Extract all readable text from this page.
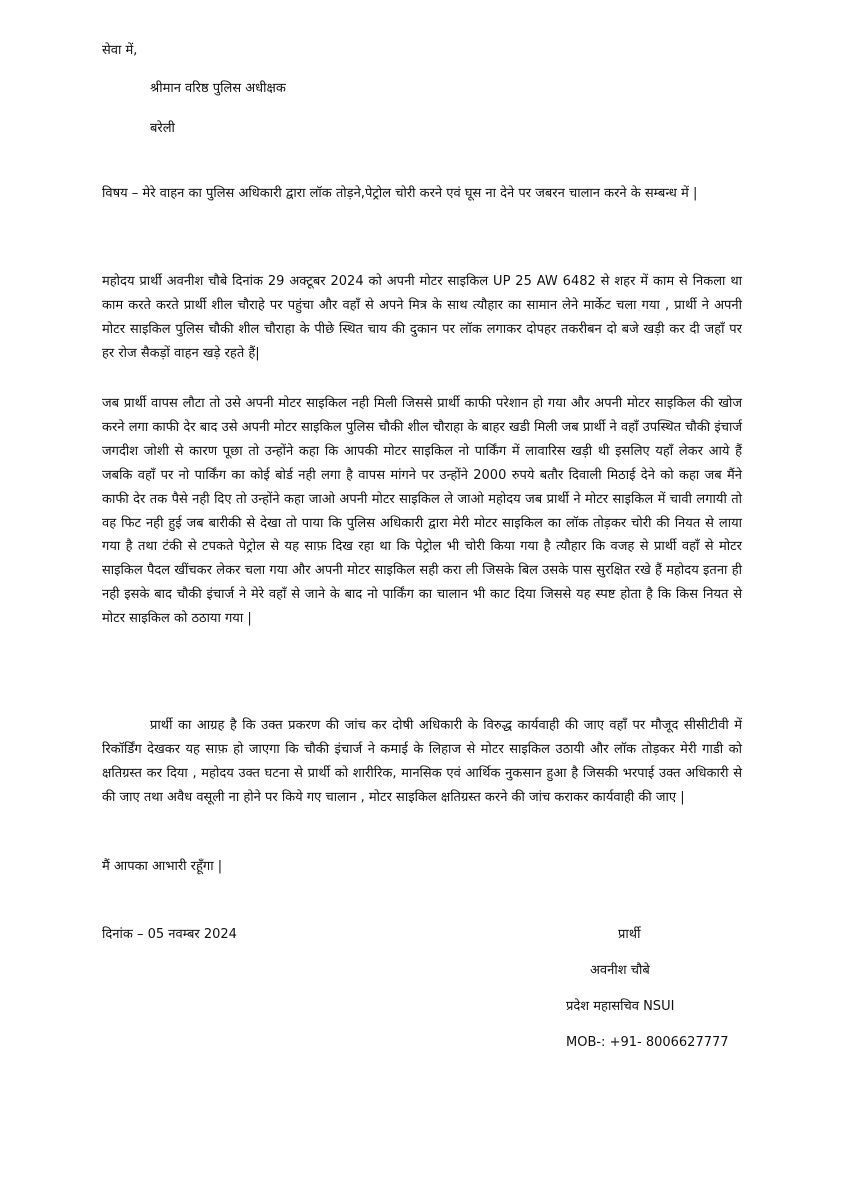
सेवा में,
श्रीमान वरिष्ठ पुलिस अधीक्षक
बरेली
विषय – मेरे वाहन का पुलिस अधिकारी द्वारा लॉक तोड़ने,पेट्रोल चोरी करने एवं घूस ना देने पर जबरन चालान करने के सम्बन्ध में |
महोदय प्रार्थी अवनीश चौबे दिनांक 29 अक्टूबर 2024 को अपनी मोटर साइकिल UP 25 AW 6482 से शहर में काम से निकला था काम करते करते प्रार्थी शील चौराहे पर पहुंचा और वहाँ से अपने मित्र के साथ त्यौहार का सामान लेने मार्केट चला गया , प्रार्थी ने अपनी मोटर साइकिल पुलिस चौकी शील चौराहा के पीछे स्थित चाय की दुकान पर लॉक लगाकर दोपहर तकरीबन दो बजे खड़ी कर दी जहाँ पर हर रोज सैकड़ों वाहन खड़े रहते हैं|
जब प्रार्थी वापस लौटा तो उसे अपनी मोटर साइकिल नही मिली जिससे प्रार्थी काफी परेशान हो गया और अपनी मोटर साइकिल की खोज करने लगा काफी देर बाद उसे अपनी मोटर साइकिल पुलिस चौकी शील चौराहा के बाहर खडी मिली जब प्रार्थी ने वहाँ उपस्थित चौकी इंचार्ज जगदीश जोशी से कारण पूछा तो उन्होंने कहा कि आपकी मोटर साइकिल नो पार्किंग में लावारिस खड़ी थी इसलिए यहाँ लेकर आये हैं जबकि वहाँ पर नो पार्किंग का कोई बोर्ड नही लगा है वापस मांगने पर उन्होंने 2000 रुपये बतौर दिवाली मिठाई देने को कहा जब मैंने काफी देर तक पैसे नही दिए तो उन्होंने कहा जाओ अपनी मोटर साइकिल ले जाओ महोदय जब प्रार्थी ने मोटर साइकिल में चावी लगायी तो वह फिट नही हुई जब बारीकी से देखा तो पाया कि पुलिस अधिकारी द्वारा मेरी मोटर साइकिल का लॉक तोड़कर चोरी की नियत से लाया गया है तथा टंकी से टपकते पेट्रोल से यह साफ़ दिख रहा था कि पेट्रोल भी चोरी किया गया है त्यौहार कि वजह से प्रार्थी वहाँ से मोटर साइकिल पैदल खींचकर लेकर चला गया और अपनी मोटर साइकिल सही करा ली जिसके बिल उसके पास सुरक्षित रखे हैं महोदय इतना ही नही इसके बाद चौकी इंचार्ज ने मेरे वहाँ से जाने के बाद नो पार्किंग का चालान भी काट दिया जिससे यह स्पष्ट होता है कि किस नियत से मोटर साइकिल को ठठाया गया |
प्रार्थी का आग्रह है कि उक्त प्रकरण की जांच कर दोषी अधिकारी के विरुद्ध कार्यवाही की जाए वहाँ पर मौजूद सीसीटीवी में रिकॉर्डिंग देखकर यह साफ़ हो जाएगा कि चौकी इंचार्ज ने कमाई के लिहाज से मोटर साइकिल उठायी और लॉक तोड़कर मेरी गाडी को क्षतिग्रस्त कर दिया , महोदय उक्त घटना से प्रार्थी को शारीरिक, मानसिक एवं आर्थिक नुकसान हुआ है जिसकी भरपाई उक्त अधिकारी से की जाए तथा अवैध वसूली ना होने पर किये गए चालान , मोटर साइकिल क्षतिग्रस्त करने की जांच कराकर कार्यवाही की जाए |
मैं आपका आभारी रहूँगा |
दिनांक – 05 नवम्बर 2024	प्रार्थी
अवनीश चौबे
प्रदेश महासचिव NSUI
MOB-: +91- 8006627777
